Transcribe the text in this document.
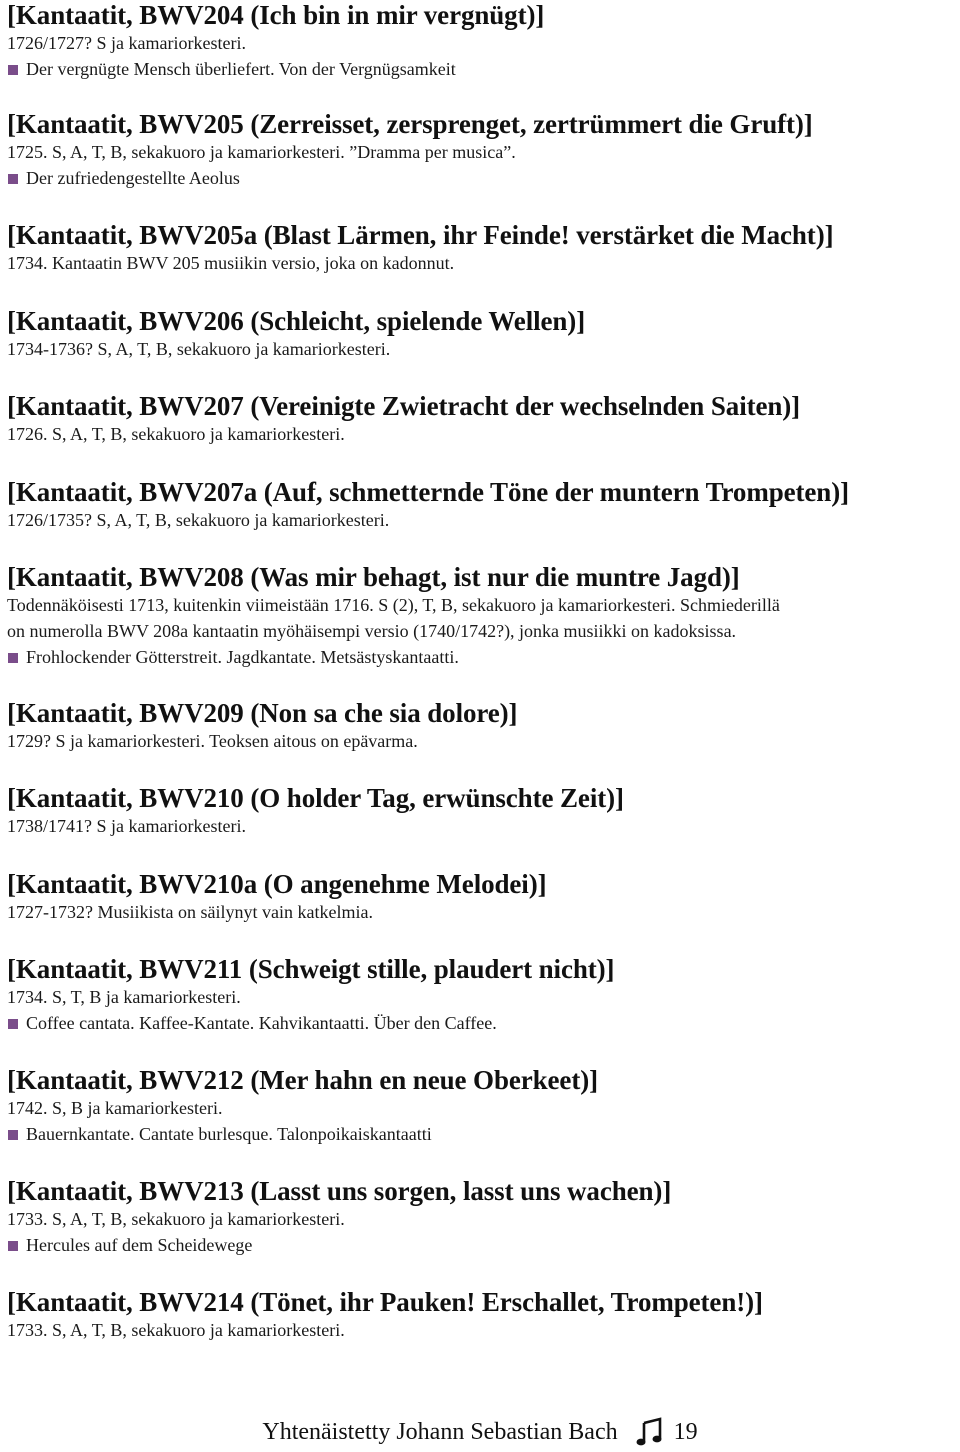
[Kantaatit, BWV204 (Ich bin in mir vergnügt)]
1726/1727? S ja kamariorkesteri.
Der vergnügte Mensch überliefert. Von der Vergnügsamkeit
[Kantaatit, BWV205 (Zerreisset, zersprenget, zertrümmert die Gruft)]
1725. S, A, T, B, sekakuoro ja kamariorkesteri. ”Dramma per musica”.
Der zufriedengestellte Aeolus
[Kantaatit, BWV205a (Blast Lärmen, ihr Feinde! verstärket die Macht)]
1734. Kantaatin BWV 205 musiikin versio, joka on kadonnut.
[Kantaatit, BWV206 (Schleicht, spielende Wellen)]
1734-1736? S, A, T, B, sekakuoro ja kamariorkesteri.
[Kantaatit, BWV207 (Vereinigte Zwietracht der wechselnden Saiten)]
1726. S, A, T, B, sekakuoro ja kamariorkesteri.
[Kantaatit, BWV207a (Auf, schmetternde Töne der muntern Trompeten)]
1726/1735? S, A, T, B, sekakuoro ja kamariorkesteri.
[Kantaatit, BWV208 (Was mir behagt, ist nur die muntre Jagd)]
Todennäköisesti 1713, kuitenkin viimeistään 1716. S (2), T, B, sekakuoro ja kamariorkesteri. Schmiederillä
on numerolla BWV 208a kantaatin myöhäisempi versio (1740/1742?), jonka musiikki on kadoksissa.
Frohlockender Götterstreit. Jagdkantate. Metsästyskantaatti.
[Kantaatit, BWV209 (Non sa che sia dolore)]
1729? S ja kamariorkesteri. Teoksen aitous on epävarma.
[Kantaatit, BWV210 (O holder Tag, erwünschte Zeit)]
1738/1741? S ja kamariorkesteri.
[Kantaatit, BWV210a (O angenehme Melodei)]
1727-1732? Musiikista on säilynyt vain katkelmia.
[Kantaatit, BWV211 (Schweigt stille, plaudert nicht)]
1734. S, T, B ja kamariorkesteri.
Coffee cantata. Kaffee-Kantate. Kahvikantaatti. Über den Caffee.
[Kantaatit, BWV212 (Mer hahn en neue Oberkeet)]
1742. S, B ja kamariorkesteri.
Bauernkantate. Cantate burlesque. Talonpoikaiskantaatti
[Kantaatit, BWV213 (Lasst uns sorgen, lasst uns wachen)]
1733. S, A, T, B, sekakuoro ja kamariorkesteri.
Hercules auf dem Scheidewege
[Kantaatit, BWV214 (Tönet, ihr Pauken! Erschallet, Trompeten!)]
1733. S, A, T, B, sekakuoro ja kamariorkesteri.
Yhtenäistetty Johann Sebastian Bach 19
